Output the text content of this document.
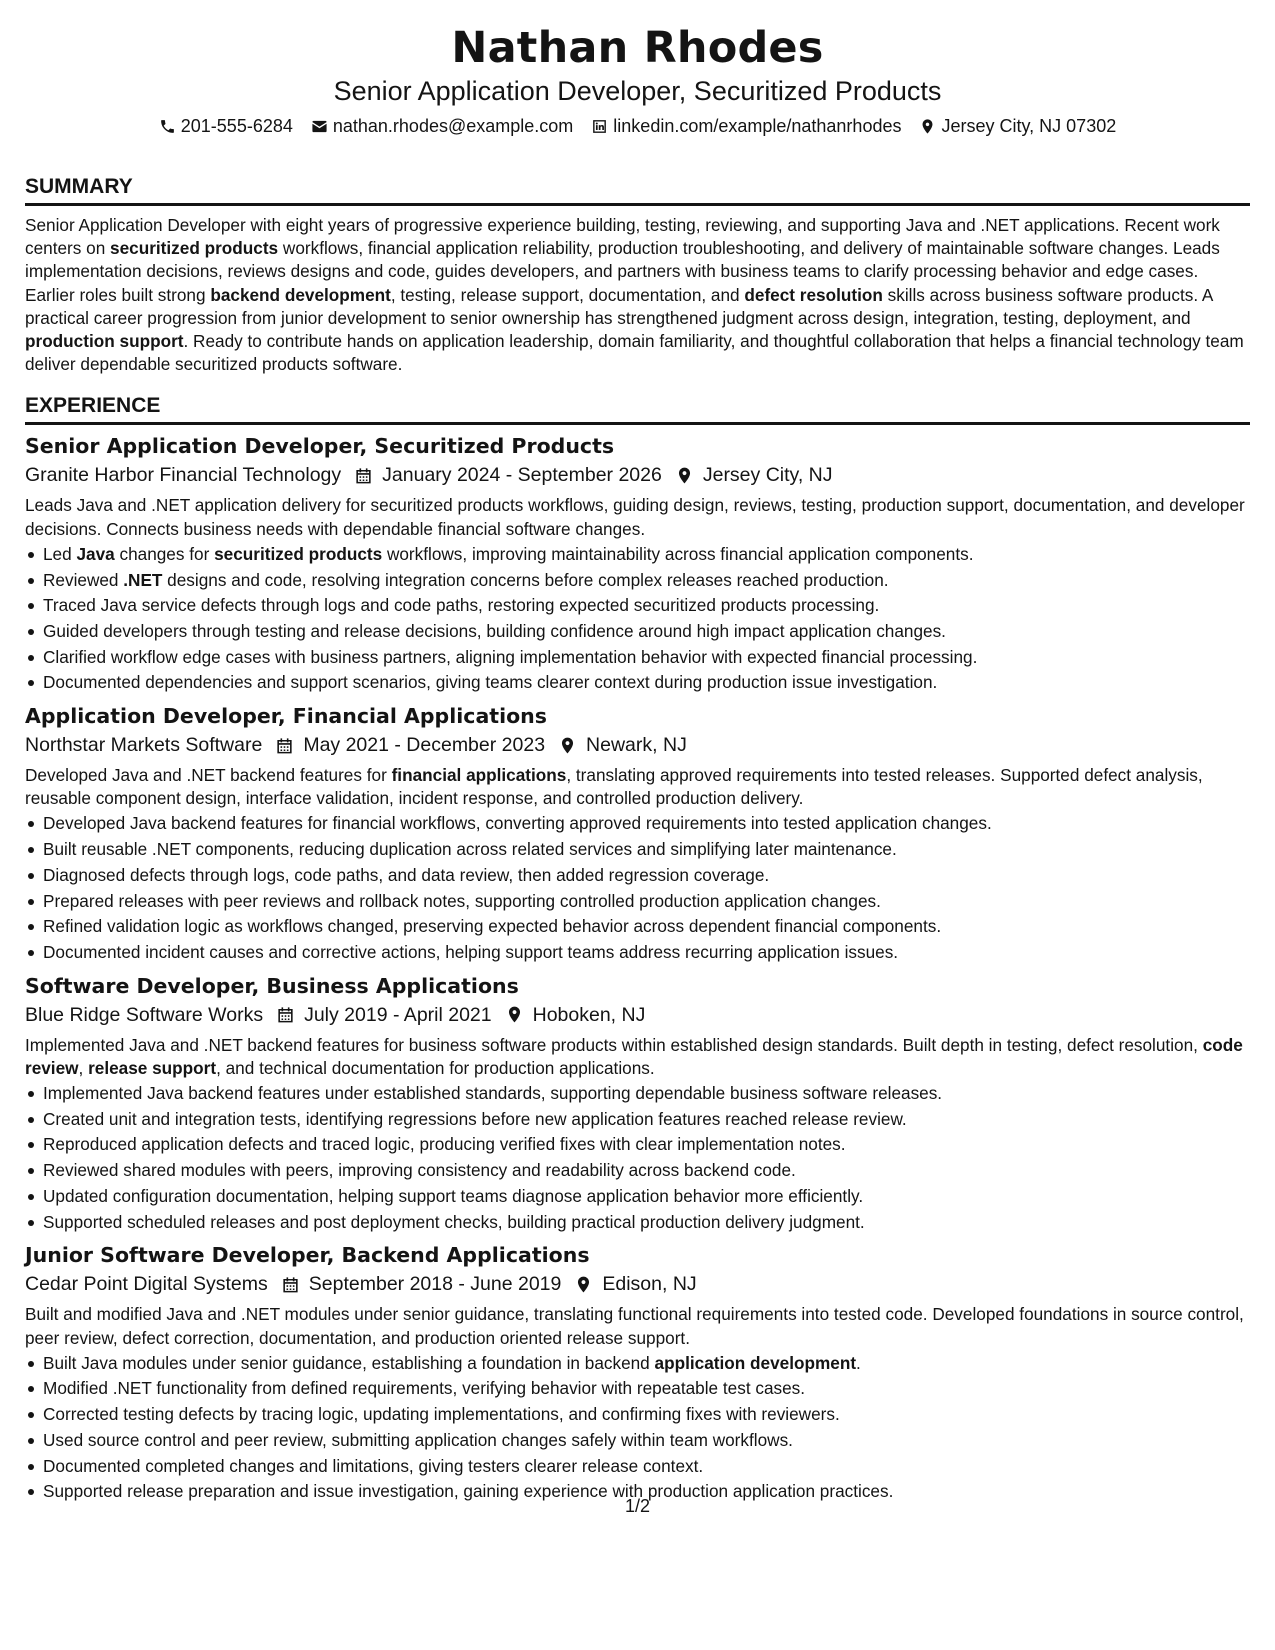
Nathan Rhodes
Senior Application Developer, Securitized Products
201-555-6284 nathan.rhodes@example.com linkedin.com/example/nathanrhodes Jersey City, NJ 07302
SUMMARY
Senior Application Developer with eight years of progressive experience building, testing, reviewing, and supporting Java and .NET applications. Recent work centers on securitized products workflows, financial application reliability, production troubleshooting, and delivery of maintainable software changes. Leads implementation decisions, reviews designs and code, guides developers, and partners with business teams to clarify processing behavior and edge cases. Earlier roles built strong backend development, testing, release support, documentation, and defect resolution skills across business software products. A practical career progression from junior development to senior ownership has strengthened judgment across design, integration, testing, deployment, and production support. Ready to contribute hands on application leadership, domain familiarity, and thoughtful collaboration that helps a financial technology team deliver dependable securitized products software.
EXPERIENCE
Senior Application Developer, Securitized Products
Granite Harbor Financial Technology January 2024 - September 2026 Jersey City, NJ
Leads Java and .NET application delivery for securitized products workflows, guiding design, reviews, testing, production support, documentation, and developer decisions. Connects business needs with dependable financial software changes.
Led Java changes for securitized products workflows, improving maintainability across financial application components.
Reviewed .NET designs and code, resolving integration concerns before complex releases reached production.
Traced Java service defects through logs and code paths, restoring expected securitized products processing.
Guided developers through testing and release decisions, building confidence around high impact application changes.
Clarified workflow edge cases with business partners, aligning implementation behavior with expected financial processing.
Documented dependencies and support scenarios, giving teams clearer context during production issue investigation.
Application Developer, Financial Applications
Northstar Markets Software May 2021 - December 2023 Newark, NJ
Developed Java and .NET backend features for financial applications, translating approved requirements into tested releases. Supported defect analysis, reusable component design, interface validation, incident response, and controlled production delivery.
Developed Java backend features for financial workflows, converting approved requirements into tested application changes.
Built reusable .NET components, reducing duplication across related services and simplifying later maintenance.
Diagnosed defects through logs, code paths, and data review, then added regression coverage.
Prepared releases with peer reviews and rollback notes, supporting controlled production application changes.
Refined validation logic as workflows changed, preserving expected behavior across dependent financial components.
Documented incident causes and corrective actions, helping support teams address recurring application issues.
Software Developer, Business Applications
Blue Ridge Software Works July 2019 - April 2021 Hoboken, NJ
Implemented Java and .NET backend features for business software products within established design standards. Built depth in testing, defect resolution, code review, release support, and technical documentation for production applications.
Implemented Java backend features under established standards, supporting dependable business software releases.
Created unit and integration tests, identifying regressions before new application features reached release review.
Reproduced application defects and traced logic, producing verified fixes with clear implementation notes.
Reviewed shared modules with peers, improving consistency and readability across backend code.
Updated configuration documentation, helping support teams diagnose application behavior more efficiently.
Supported scheduled releases and post deployment checks, building practical production delivery judgment.
Junior Software Developer, Backend Applications
Cedar Point Digital Systems September 2018 - June 2019 Edison, NJ
Built and modified Java and .NET modules under senior guidance, translating functional requirements into tested code. Developed foundations in source control, peer review, defect correction, documentation, and production oriented release support.
Built Java modules under senior guidance, establishing a foundation in backend application development.
Modified .NET functionality from defined requirements, verifying behavior with repeatable test cases.
Corrected testing defects by tracing logic, updating implementations, and confirming fixes with reviewers.
Used source control and peer review, submitting application changes safely within team workflows.
Documented completed changes and limitations, giving testers clearer release context.
Supported release preparation and issue investigation, gaining experience with production application practices.
1/2
